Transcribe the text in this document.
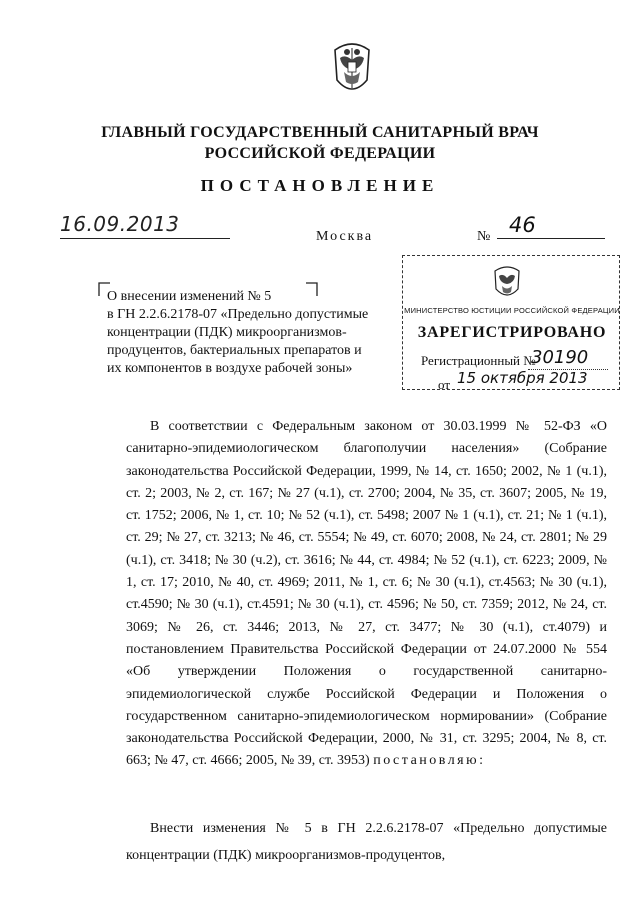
ГЛАВНЫЙ ГОСУДАРСТВЕННЫЙ САНИТАРНЫЙ ВРАЧ
РОССИЙСКОЙ ФЕДЕРАЦИИ
ПОСТАНОВЛЕНИЕ
16.09.2013
Москва	№ 46
О внесении изменений № 5
в ГН 2.2.6.2178-07 «Предельно допустимые
концентрации (ПДК) микроорганизмов-
продуцентов, бактериальных препаратов и
их компонентов в воздухе рабочей зоны»
МИНИСТЕРСТВО ЮСТИЦИИ РОССИЙСКОЙ ФЕДЕРАЦИИ
ЗАРЕГИСТРИРОВАНО
Регистрационный №
30190
от 15 октября 2013

В соответствии с Федеральным законом от 30.03.1999 № 52-ФЗ «О санитарно-эпидемиологическом благополучии населения» (Собрание законодательства Российской Федерации, 1999, № 14, ст. 1650; 2002, № 1 (ч.1), ст. 2; 2003, № 2, ст. 167; № 27 (ч.1), ст. 2700; 2004, № 35, ст. 3607; 2005, № 19, ст. 1752; 2006, № 1, ст. 10; № 52 (ч.1), ст. 5498; 2007 № 1 (ч.1), ст. 21; № 1 (ч.1), ст. 29; № 27, ст. 3213; № 46, ст. 5554; № 49, ст. 6070; 2008, № 24, ст. 2801; № 29 (ч.1), ст. 3418; № 30 (ч.2), ст. 3616; № 44, ст. 4984; № 52 (ч.1), ст. 6223; 2009, № 1, ст. 17; 2010, № 40, ст. 4969; 2011, № 1, ст. 6; № 30 (ч.1), ст.4563; № 30 (ч.1), ст.4590; № 30 (ч.1), ст.4591; № 30 (ч.1), ст. 4596; № 50, ст. 7359; 2012, № 24, ст. 3069; № 26, ст. 3446; 2013, № 27, ст. 3477; № 30 (ч.1), ст.4079) и постановлением Правительства Российской Федерации от 24.07.2000 № 554 «Об утверждении Положения о государственной санитарно-эпидемиологической службе Российской Федерации и Положения о государственном санитарно-эпидемиологическом нормировании» (Собрание законодательства Российской Федерации, 2000, № 31, ст. 3295; 2004, № 8, ст. 663; № 47, ст. 4666; 2005, № 39, ст. 3953) постановляю:

Внести изменения № 5 в ГН 2.2.6.2178-07 «Предельно допустимые концентрации (ПДК) микроорганизмов-продуцентов,
